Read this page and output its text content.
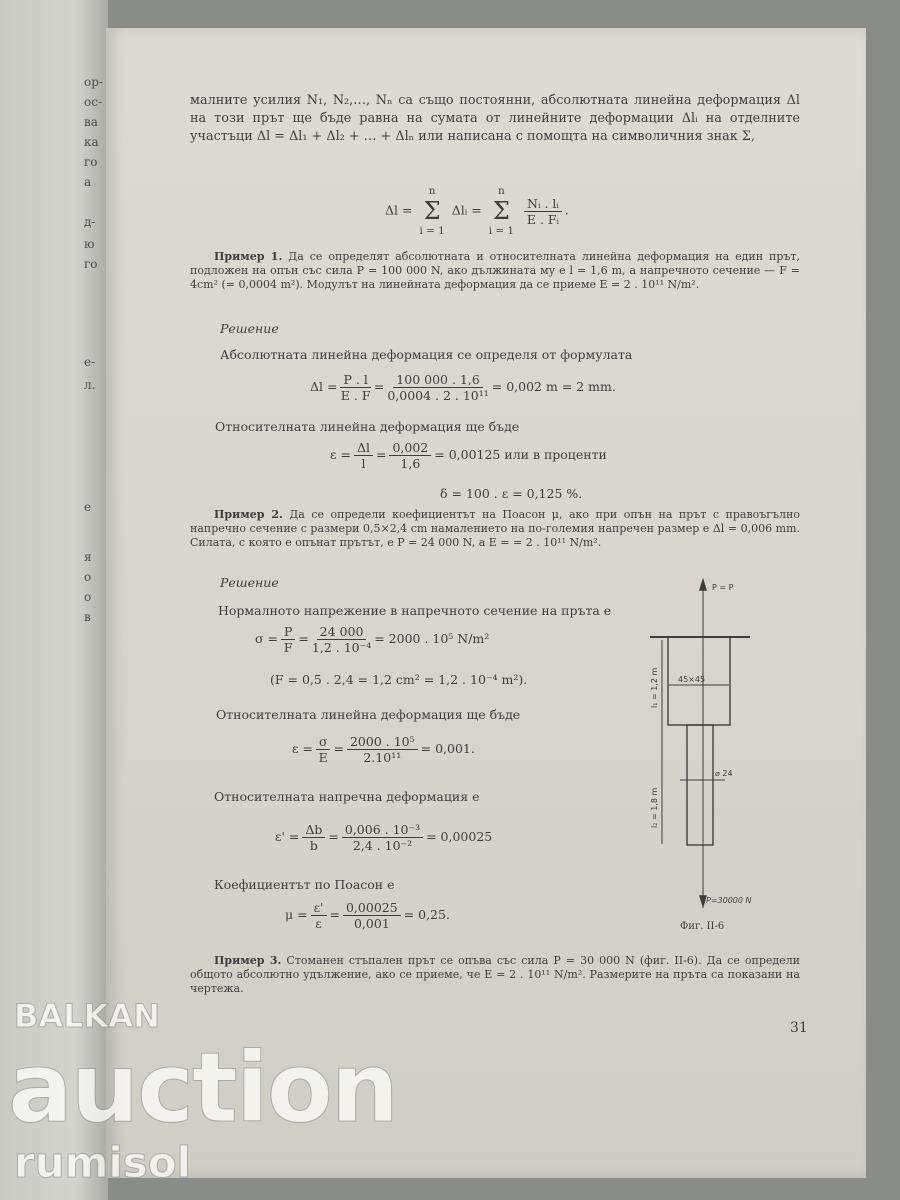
ор-
ос-
ва
ка
го
а
д-
ю
го
е-
л.
е
я
о
о
в
малните усилия N₁, N₂,…, Nₙ са също постоянни, абсолютната линейна деформация Δl на този прът ще бъде равна на сумата от линейните деформации Δlᵢ на отделните участъци Δl = Δl₁ + Δl₂ + … + Δlₙ или написана с помощта на символичния знак Σ,
Δl =
n
Σ
i = 1
Δlᵢ =
n
Σ
i = 1

$\frac{\text{Nᵢ . lᵢ}}{\text{E . Fᵢ}}$ .
Пример 1. Да се определят абсолютната и относителната линейна деформация на един прът, подложен на опън със сила P = 100 000 N, ако дължината му е l = 1,6 m, а напречното сечение — F = 4cm² (= 0,0004 m²). Модулът на линейната деформация да се приеме E = 2 . 10¹¹ N/m².
Решение
Абсолютната линейна деформация се определя от формулата
$\Delta l = \frac{P . l}{E . F} = \frac{100 000 . 1,6}{\text{0,0004 . 2 . 10¹¹}} = 0,002$ m = 2 mm.
Относителната линейна деформация ще бъде
$\varepsilon = \frac{\Delta l}{l} = \frac{0,002}{1,6} = 0,00125$ или в проценти
δ = 100 . ε = 0,125 %.
Пример 2. Да се определи коефициентът на Поасон μ, ако при опън на прът с правоъгълно напречно сечение с размери 0,5×2,4 cm намалението на по-голeмия напречен размер е Δl = 0,006 mm. Силата, с която е опънат прътът, е P = 24 000 N, а E = = 2 . 10¹¹ N/m².
Решение
Нормалното напрежение в напречното сечение на пръта е
$\sigma = \frac{P}{F} = \frac{24 000}{\text{1,2 . 10⁻⁴}} = 2000$ . 10⁵ N/m²
(F = 0,5 . 2,4 = 1,2 cm² = 1,2 . 10⁻⁴ m²).
Относителната линейна деформация ще бъде
$\varepsilon = \frac{\sigma}{E} = \frac{\text{2000 . 10⁵}}{\text{2.10¹¹}} = 0,001$.
Относителната напречна деформация е
$\varepsilon' = \frac{\Delta b}{b} = \frac{\text{0,006 . 10⁻³}}{\text{2,4 . 10⁻²}} = 0,00025$
Коефициентът по Поасон е
$\mu = \frac{\varepsilon'}{\varepsilon} = \frac{0,00025}{0,001} = 0,25$.
P = P
45×45
⌀ 24
l₁ = 1,2 m
l₂ = 1,8 m
P=30000 N
Фиг. II-6
Пример 3. Стоманен стъпален прът се опъва със сила P = 30 000 N (фиг. II-6). Да се определи общото абсолютно удължение, ако се приеме, че E = 2 . 10¹¹ N/m². Размерите на пръта са показани на чертежа.
31
BALKAN
auction
rumisol
